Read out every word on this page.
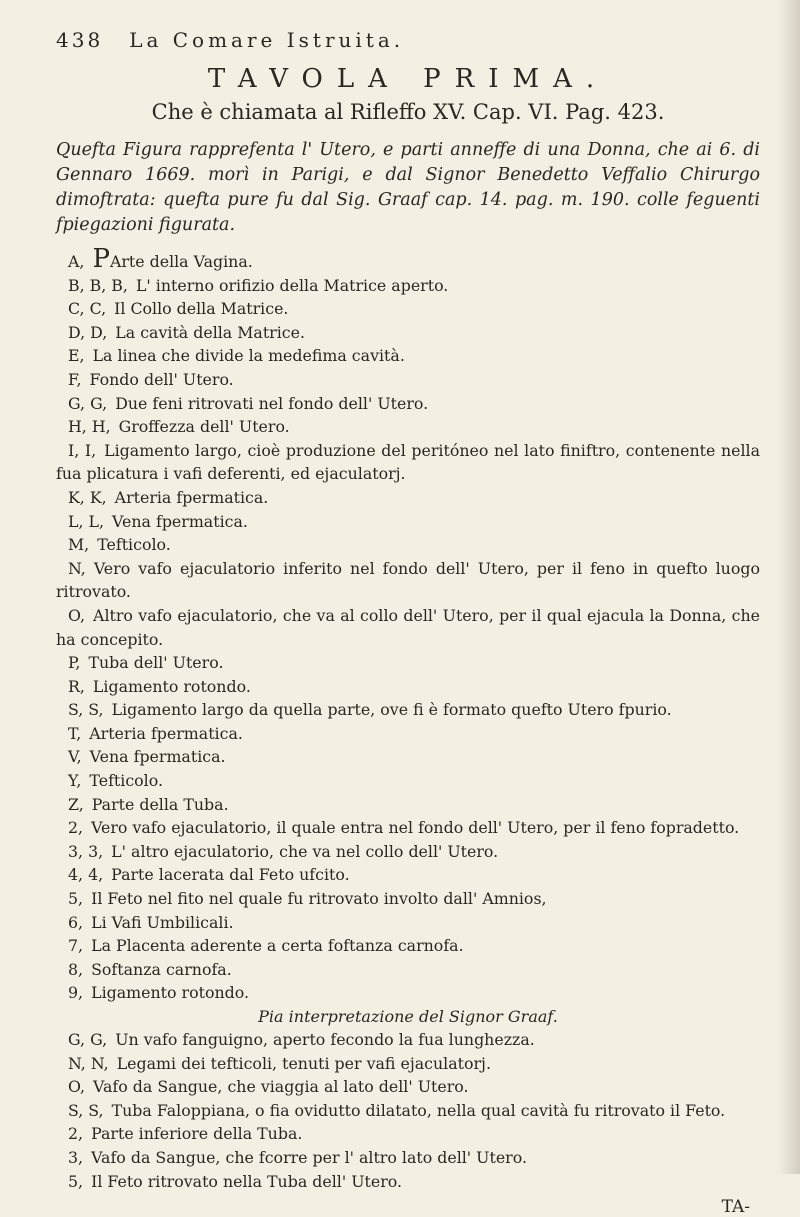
438 La Comare Istruita.
TAVOLA PRIMA.
Che è chiamata al Rifleffo XV. Cap. VI. Pag. 423.

Quefta Figura rapprefenta l' Utero, e parti anneffe di una Donna, che ai 6. di Gennaro 1669. morì in Parigi, e dal Signor Benedetto Veffalio Chirurgo dimoftrata: quefta pure fu dal Sig. Graaf cap. 14. pag. m. 190. colle feguenti fpiegazioni figurata.

A, PArte della Vagina.

B, B, B, L' interno orifizio della Matrice aperto.

C, C, Il Collo della Matrice.

D, D, La cavità della Matrice.

E, La linea che divide la medefima cavità.

F, Fondo dell' Utero.

G, G, Due feni ritrovati nel fondo dell' Utero.

H, H, Groffezza dell' Utero.

I, I, Ligamento largo, cioè produzione del peritóneo nel lato finiftro, contenente nella fua plicatura i vafi deferenti, ed ejaculatorj.

K, K, Arteria fpermatica.

L, L, Vena fpermatica.

M, Tefticolo.

N, Vero vafo ejaculatorio inferito nel fondo dell' Utero, per il feno in quefto luogo ritrovato.

O, Altro vafo ejaculatorio, che va al collo dell' Utero, per il qual ejacula la Donna, che ha concepito.

P, Tuba dell' Utero.

R, Ligamento rotondo.

S, S, Ligamento largo da quella parte, ove fi è formato quefto Utero fpurio.

T, Arteria fpermatica.

V, Vena fpermatica.

Y, Tefticolo.

Z, Parte della Tuba.

2, Vero vafo ejaculatorio, il quale entra nel fondo dell' Utero, per il feno fopradetto.

3, 3, L' altro ejaculatorio, che va nel collo dell' Utero.

4, 4, Parte lacerata dal Feto ufcito.

5, Il Feto nel fito nel quale fu ritrovato involto dall' Amnios,

6, Li Vafi Umbilicali.

7, La Placenta aderente a certa foftanza carnofa.

8, Softanza carnofa.

9, Ligamento rotondo.

Pia interpretazione del Signor Graaf.

G, G, Un vafo fanguigno, aperto fecondo la fua lunghezza.

N, N, Legami dei tefticoli, tenuti per vafi ejaculatorj.

O, Vafo da Sangue, che viaggia al lato dell' Utero.

S, S, Tuba Faloppiana, o fia ovidutto dilatato, nella qual cavità fu ritrovato il Feto.

2, Parte inferiore della Tuba.

3, Vafo da Sangue, che fcorre per l' altro lato dell' Utero.

5, Il Feto ritrovato nella Tuba dell' Utero.

TA-
